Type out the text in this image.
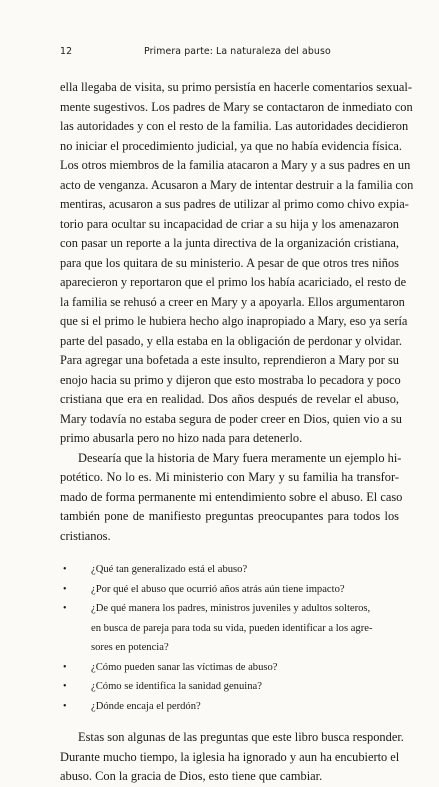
12	Primera parte: La naturaleza del abuso

ella llegaba de visita, su primo persistía en hacerle comentarios sexual-
mente sugestivos. Los padres de Mary se contactaron de inmediato con
las autoridades y con el resto de la familia. Las autoridades decidieron
no iniciar el procedimiento judicial, ya que no había evidencia física.
Los otros miembros de la familia atacaron a Mary y a sus padres en un
acto de venganza. Acusaron a Mary de intentar destruir a la familia con
mentiras, acusaron a sus padres de utilizar al primo como chivo expia-
torio para ocultar su incapacidad de criar a su hija y los amenazaron
con pasar un reporte a la junta directiva de la organización cristiana,
para que los quitara de su ministerio. A pesar de que otros tres niños
aparecieron y reportaron que el primo los había acariciado, el resto de
la familia se rehusó a creer en Mary y a apoyarla. Ellos argumentaron
que si el primo le hubiera hecho algo inapropiado a Mary, eso ya sería
parte del pasado, y ella estaba en la obligación de perdonar y olvidar.
Para agregar una bofetada a este insulto, reprendieron a Mary por su
enojo hacia su primo y dijeron que esto mostraba lo pecadora y poco
cristiana que era en realidad. Dos años después de revelar el abuso,
Mary todavía no estaba segura de poder creer en Dios, quien vio a su
primo abusarla pero no hizo nada para detenerlo.

Desearía que la historia de Mary fuera meramente un ejemplo hi-
potético. No lo es. Mi ministerio con Mary y su familia ha transfor-
mado de forma permanente mi entendimiento sobre el abuso. El caso
también pone de manifiesto preguntas preocupantes para todos los
cristianos.

• ¿Qué tan generalizado está el abuso?
• ¿Por qué el abuso que ocurrió años atrás aún tiene impacto?
• ¿De qué manera los padres, ministros juveniles y adultos solteros,
en busca de pareja para toda su vida, pueden identificar a los agre-
sores en potencia?
• ¿Cómo pueden sanar las víctimas de abuso?
• ¿Cómo se identifica la sanidad genuina?
• ¿Dónde encaja el perdón?

Estas son algunas de las preguntas que este libro busca responder.
Durante mucho tiempo, la iglesia ha ignorado y aun ha encubierto el
abuso. Con la gracia de Dios, esto tiene que cambiar.
